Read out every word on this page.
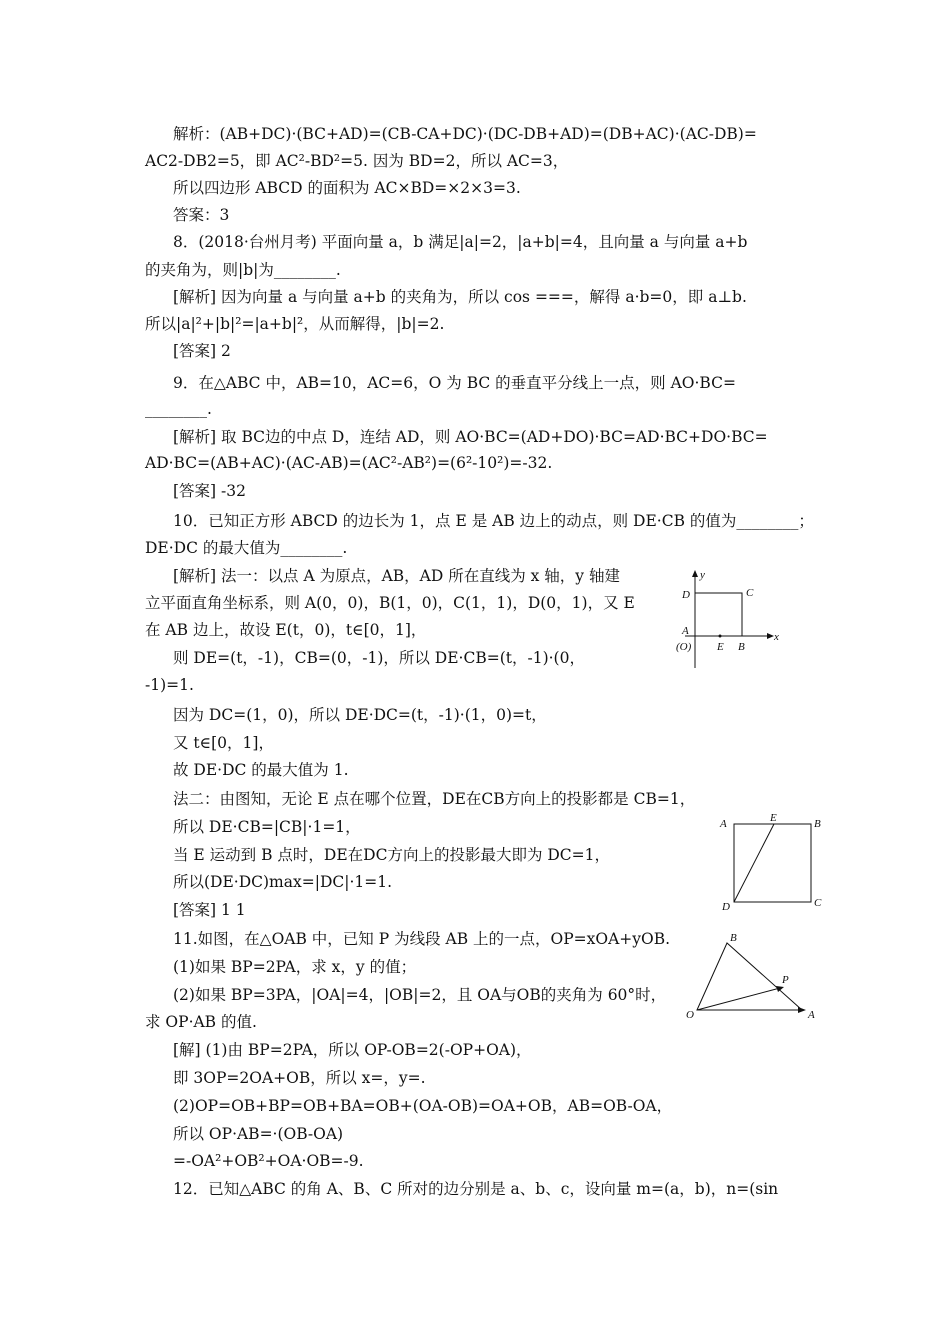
解析：(AB+DC)·(BC+AD)=(CB-CA+DC)·(DC-DB+AD)=(DB+AC)·(AC-DB)=
AC2-DB2=5，即 AC²-BD²=5. 因为 BD=2，所以 AC=3，
所以四边形 ABCD 的面积为 AC×BD=×2×3=3.
答案：3
8．(2018·台州月考) 平面向量 a，b 满足|a|=2，|a+b|=4，且向量 a 与向量 a+b
的夹角为，则|b|为________.
[解析] 因为向量 a 与向量 a+b 的夹角为，所以 cos ===，解得 a·b=0，即 a⊥b.
所以|a|²+|b|²=|a+b|²，从而解得，|b|=2.
[答案] 2
9．在△ABC 中，AB=10，AC=6，O 为 BC 的垂直平分线上一点，则 AO·BC=
________.
[解析] 取 BC边的中点 D，连结 AD，则 AO·BC=(AD+DO)·BC=AD·BC+DO·BC=
AD·BC=(AB+AC)·(AC-AB)=(AC²-AB²)=(6²-10²)=-32.
[答案] -32
10．已知正方形 ABCD 的边长为 1，点 E 是 AB 边上的动点，则 DE·CB 的值为________；
DE·DC 的最大值为________.
[解析] 法一：以点 A 为原点，AB，AD 所在直线为 x 轴，y 轴建
立平面直角坐标系，则 A(0，0)，B(1，0)，C(1，1)，D(0，1)，又 E
在 AB 边上，故设 E(t，0)，t∈[0，1]，
则 DE=(t，-1)，CB=(0，-1)，所以 DE·CB=(t，-1)·(0，
-1)=1.
因为 DC=(1，0)，所以 DE·DC=(t，-1)·(1，0)=t，
又 t∈[0，1]，
故 DE·DC 的最大值为 1.
法二：由图知，无论 E 点在哪个位置，DE在CB方向上的投影都是 CB=1，
所以 DE·CB=|CB|·1=1，
当 E 运动到 B 点时，DE在DC方向上的投影最大即为 DC=1，
所以(DE·DC)max=|DC|·1=1.
[答案] 1 1
11.如图，在△OAB 中，已知 P 为线段 AB 上的一点，OP=xOA+yOB.
(1)如果 BP=2PA，求 x，y 的值；
(2)如果 BP=3PA，|OA|=4，|OB|=2，且 OA与OB的夹角为 60°时，
求 OP·AB 的值.
[解] (1)由 BP=2PA，所以 OP-OB=2(-OP+OA)，
即 3OP=2OA+OB，所以 x=，y=.
(2)OP=OB+BP=OB+BA=OB+(OA-OB)=OA+OB，AB=OB-OA，
所以 OP·AB=·(OB-OA)
=-OA²+OB²+OA·OB=-9.
12．已知△ABC 的角 A、B、C 所对的边分别是 a、b、c，设向量 m=(a，b)，n=(sin
y
D	C
A
(O) E B
x
A	E	B
D	C
B
P
O	A
